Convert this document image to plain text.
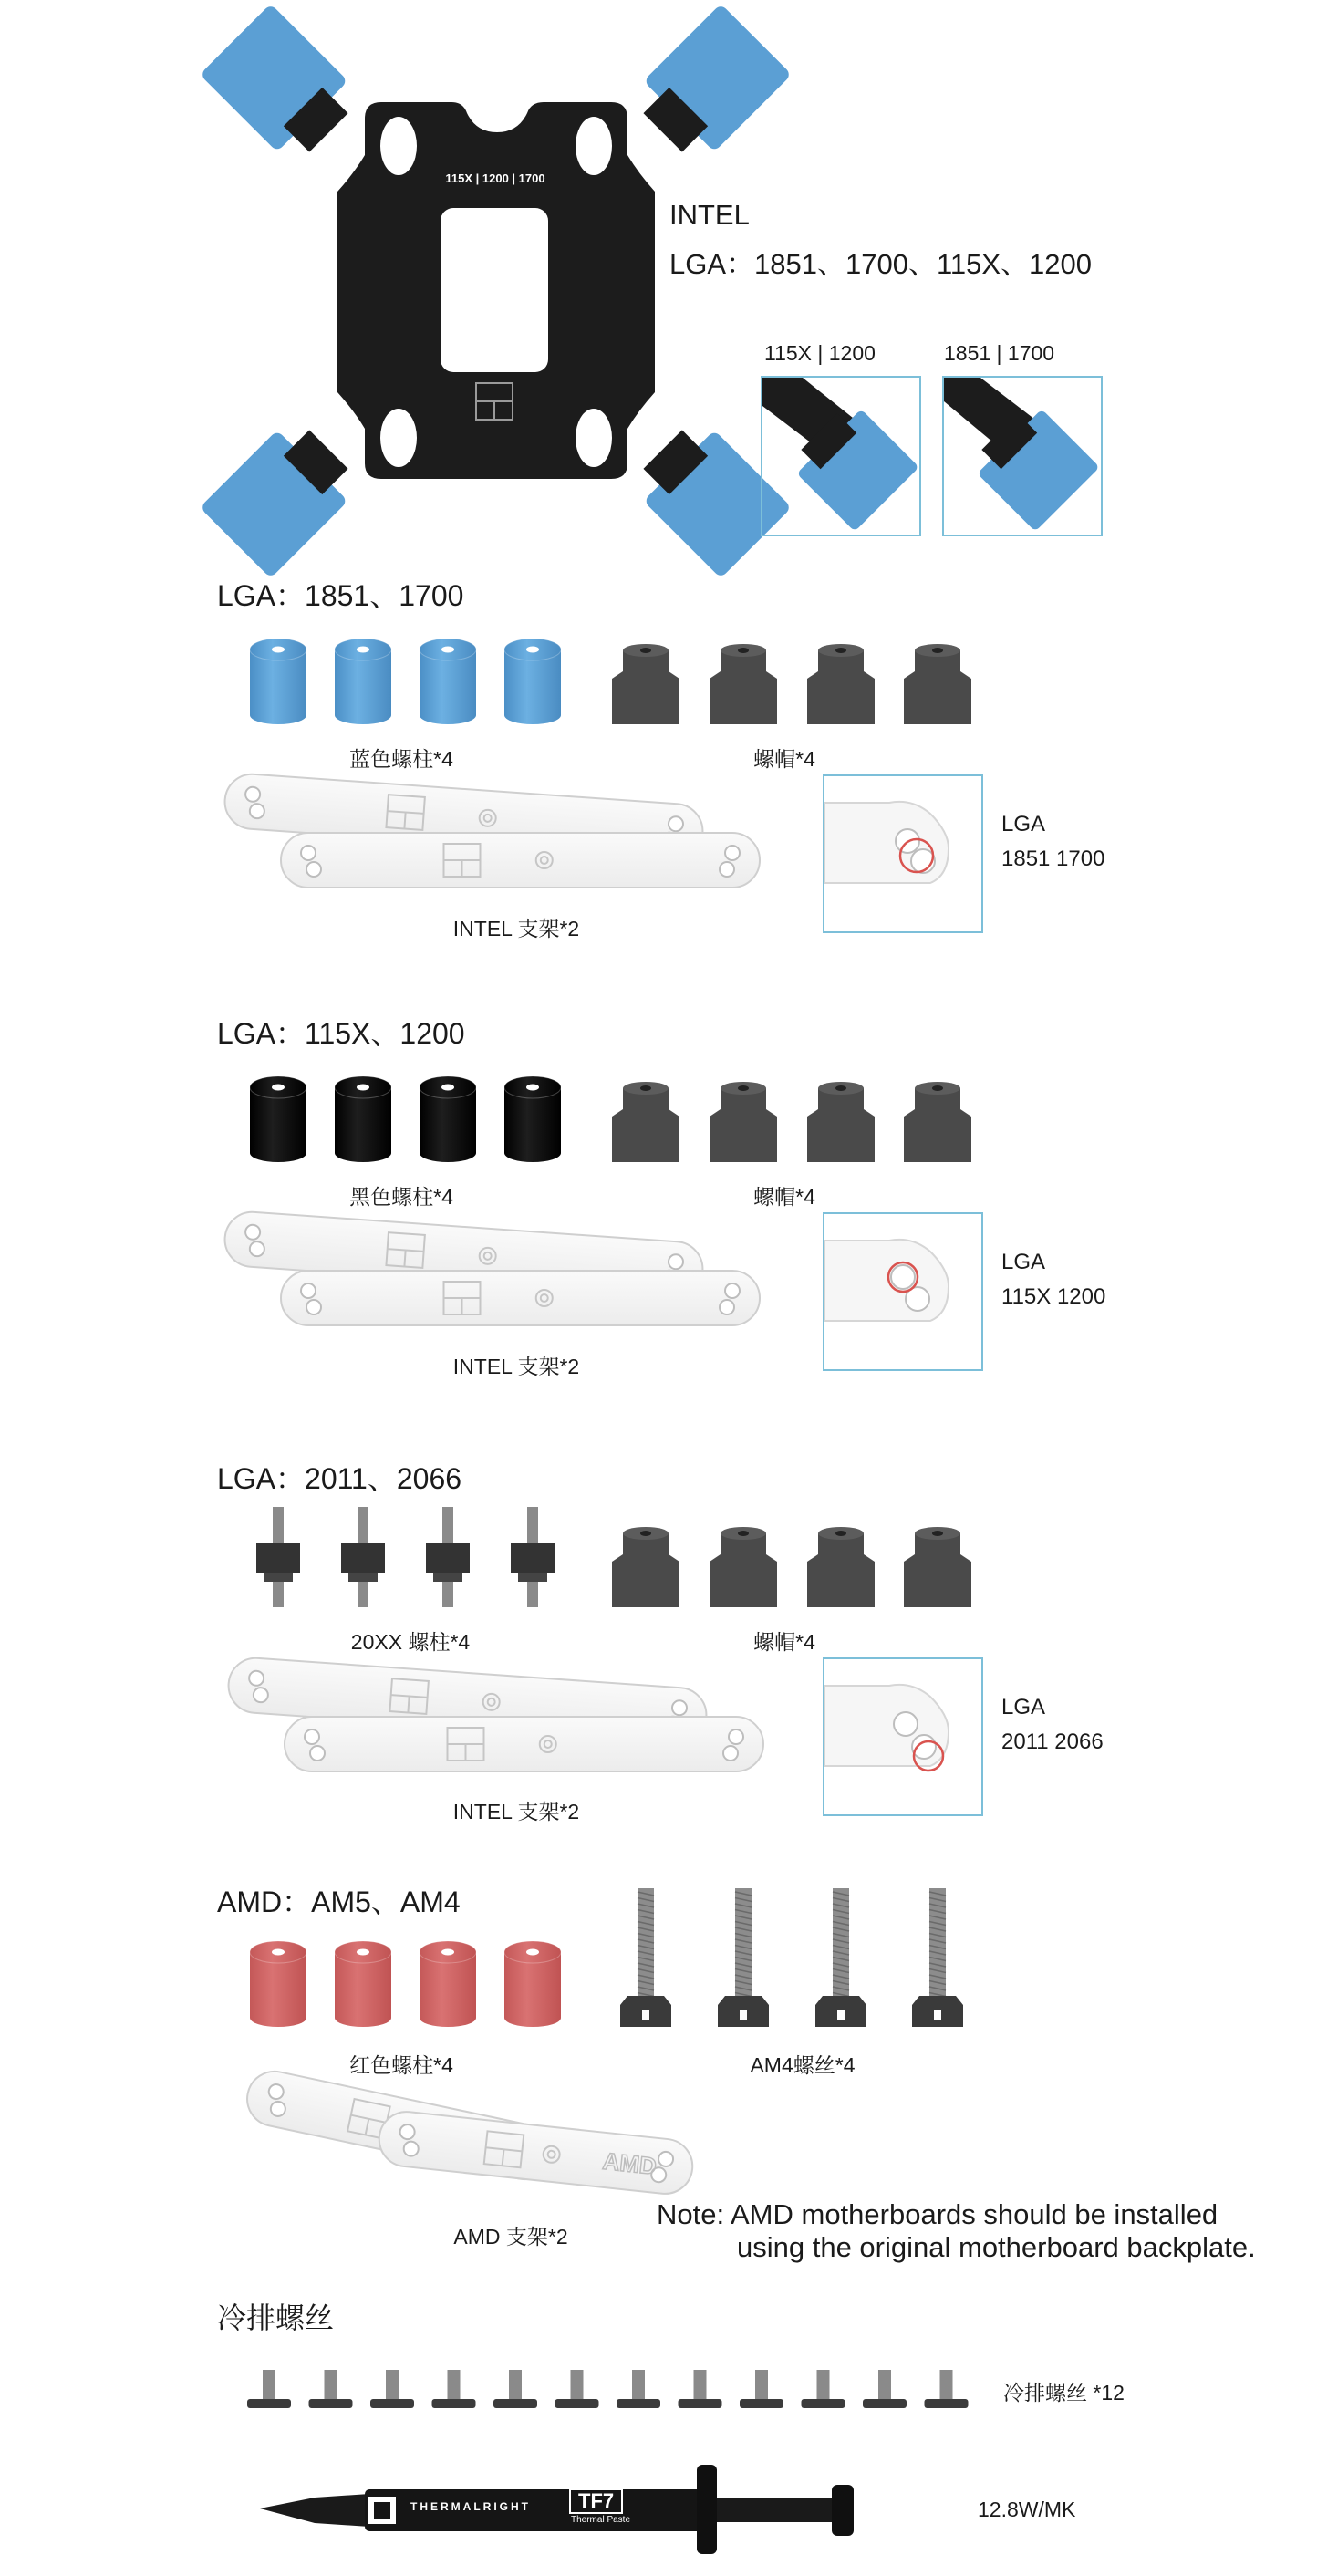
AMD
115X | 1200 | 1700
INTEL
LGA：1851、1700、115X、1200
115X | 1200	1851 | 1700
LGA：1851、1700
蓝色螺柱*4	螺帽*4
INTEL 支架*2
LGA
1851 1700
LGA：115X、1200
黑色螺柱*4	螺帽*4
INTEL 支架*2
LGA
115X 1200
LGA：2011、2066
20XX 螺柱*4	螺帽*4
INTEL 支架*2
LGA
2011 2066
AMD：AM5、AM4
红色螺柱*4	AM4螺丝*4
AMD 支架*2
Note: AMD motherboards should be installed
using the original motherboard backplate.
冷排螺丝
冷排螺丝 *12
12.8W/MK
THERMALRIGHT	TF7
Thermal Paste
